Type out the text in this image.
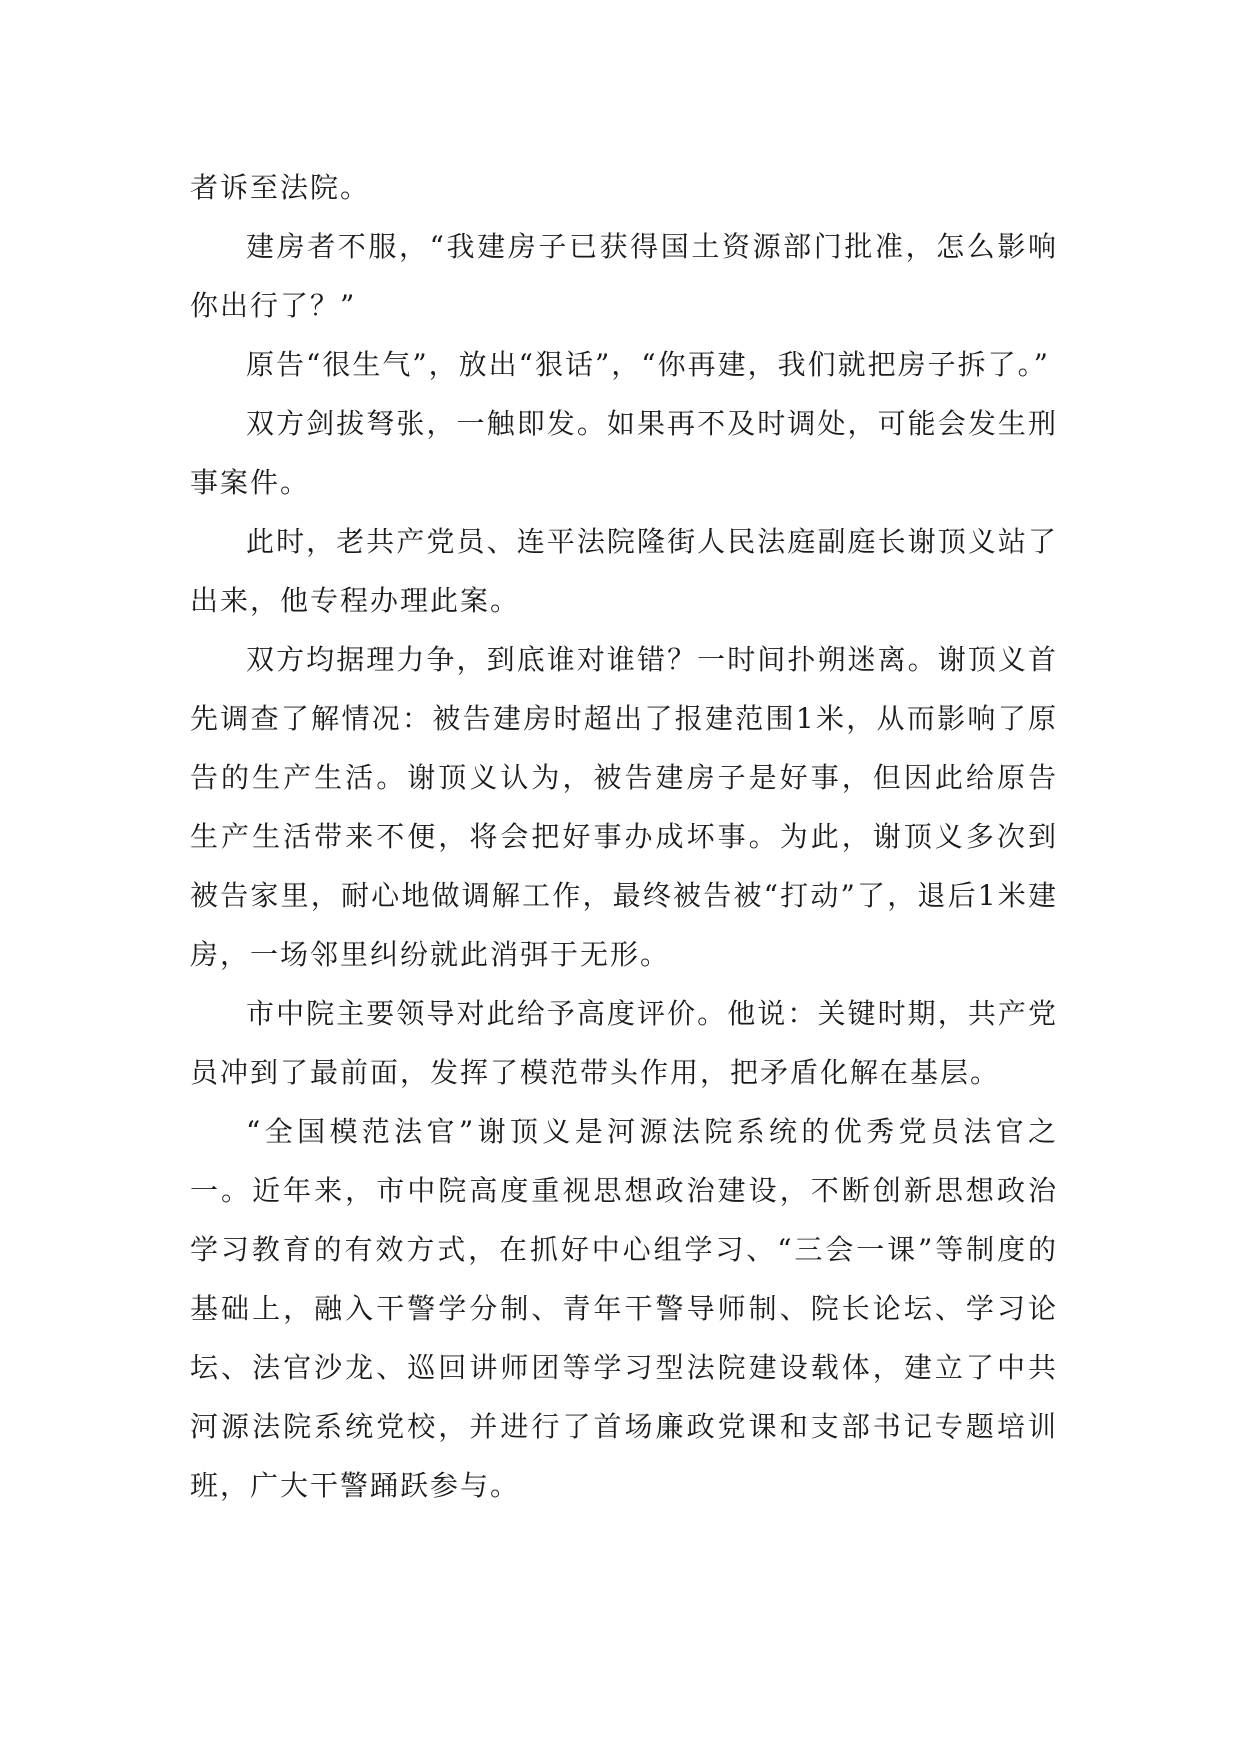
者诉至法院。

建房者不服，“我建房子已获得国土资源部门批准，怎么影响你出行了？”

原告“很生气”，放出“狠话”，“你再建，我们就把房子拆了。”

双方剑拔弩张，一触即发。如果再不及时调处，可能会发生刑事案件。

此时，老共产党员、连平法院隆街人民法庭副庭长谢顶义站了出来，他专程办理此案。

双方均据理力争，到底谁对谁错？一时间扑朔迷离。谢顶义首先调查了解情况：被告建房时超出了报建范围1米，从而影响了原告的生产生活。谢顶义认为，被告建房子是好事，但因此给原告生产生活带来不便，将会把好事办成坏事。为此，谢顶义多次到被告家里，耐心地做调解工作，最终被告被“打动”了，退后1米建房，一场邻里纠纷就此消弭于无形。

市中院主要领导对此给予高度评价。他说：关键时期，共产党员冲到了最前面，发挥了模范带头作用，把矛盾化解在基层。

“全国模范法官”谢顶义是河源法院系统的优秀党员法官之一。近年来，市中院高度重视思想政治建设，不断创新思想政治学习教育的有效方式，在抓好中心组学习、“三会一课”等制度的基础上，融入干警学分制、青年干警导师制、院长论坛、学习论坛、法官沙龙、巡回讲师团等学习型法院建设载体，建立了中共河源法院系统党校，并进行了首场廉政党课和支部书记专题培训班，广大干警踊跃参与。
